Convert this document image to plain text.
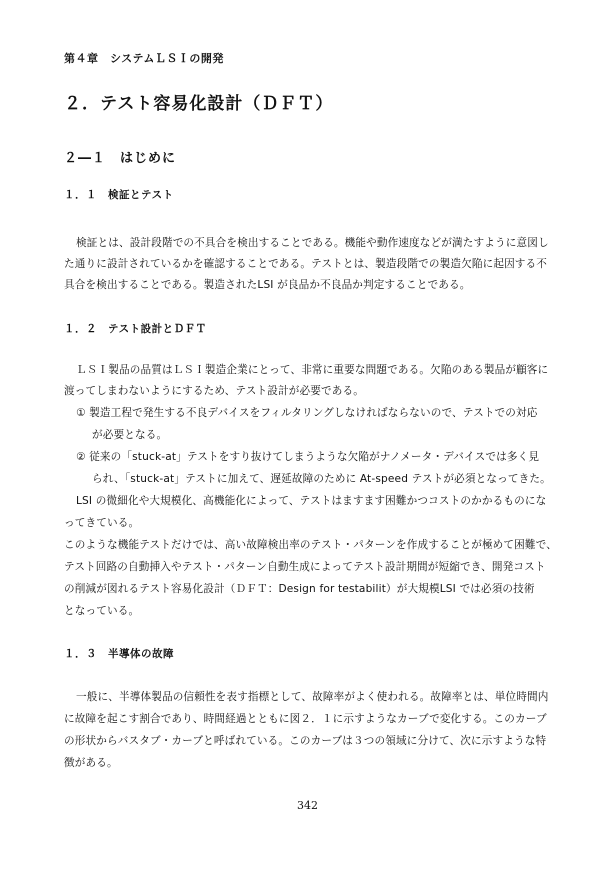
第４章　システムＬＳＩの開発
２．テスト容易化設計（ＤＦＴ）
２―１　はじめに
１．１　検証とテスト
検証とは、設計段階での不具合を検出することである。機能や動作速度などが満たすように意図し
た通りに設計されているかを確認することである。テストとは、製造段階での製造欠陥に起因する不
具合を検出することである。製造されたLSI が良品か不良品か判定することである。
１．２　テスト設計とＤＦＴ
ＬＳＩ製品の品質はＬＳＩ製造企業にとって、非常に重要な問題である。欠陥のある製品が顧客に
渡ってしまわないようにするため、テスト設計が必要である。
① 製造工程で発生する不良デバイスをフィルタリングしなければならないので、テストでの対応
が必要となる。
② 従来の「stuck-at」テストをすり抜けてしまうような欠陥がナノメータ・デバイスでは多く見
られ、「stuck-at」テストに加えて、遅延故障のために At-speed テストが必須となってきた。
LSI の微細化や大規模化、高機能化によって、テストはますます困難かつコストのかかるものにな
ってきている。
このような機能テストだけでは、高い故障検出率のテスト・パターンを作成することが極めて困難で、
テスト回路の自動挿入やテスト・パターン自動生成によってテスト設計期間が短縮でき、開発コスト
の削減が図れるテスト容易化設計（ＤＦＴ：Design for testabilit）が大規模LSI では必須の技術
となっている。
１．３　半導体の故障
一般に、半導体製品の信頼性を表す指標として、故障率がよく使われる。故障率とは、単位時間内
に故障を起こす割合であり、時間経過とともに図２．１に示すようなカーブで変化する。このカーブ
の形状からバスタブ・カーブと呼ばれている。このカーブは３つの領域に分けて、次に示すような特
徴がある。
342
